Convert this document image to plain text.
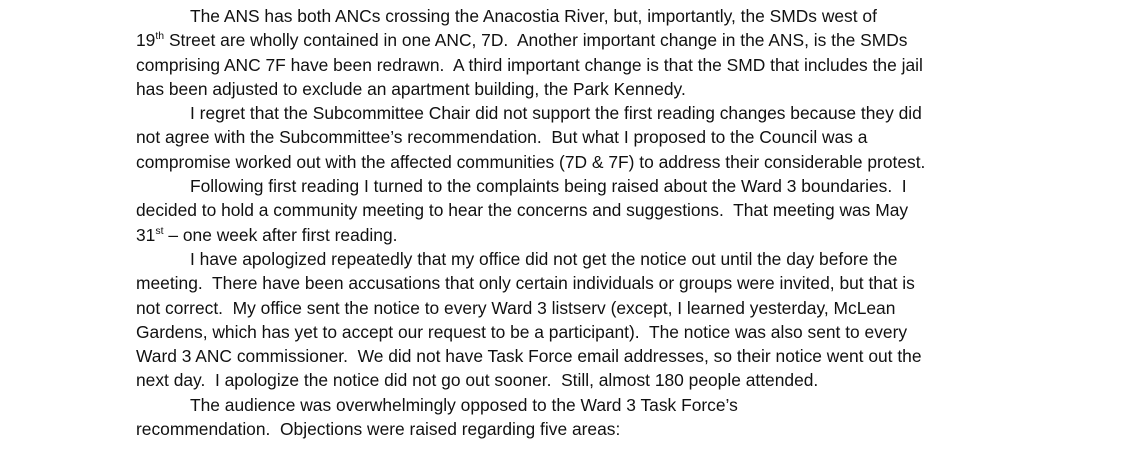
The ANS has both ANCs crossing the Anacostia River, but, importantly, the SMDs west of
19th Street are wholly contained in one ANC, 7D.  Another important change in the ANS, is the SMDs
comprising ANC 7F have been redrawn.  A third important change is that the SMD that includes the jail
has been adjusted to exclude an apartment building, the Park Kennedy.
I regret that the Subcommittee Chair did not support the first reading changes because they did
not agree with the Subcommittee’s recommendation.  But what I proposed to the Council was a
compromise worked out with the affected communities (7D & 7F) to address their considerable protest.
Following first reading I turned to the complaints being raised about the Ward 3 boundaries.  I
decided to hold a community meeting to hear the concerns and suggestions.  That meeting was May
31st – one week after first reading.
I have apologized repeatedly that my office did not get the notice out until the day before the
meeting.  There have been accusations that only certain individuals or groups were invited, but that is
not correct.  My office sent the notice to every Ward 3 listserv (except, I learned yesterday, McLean
Gardens, which has yet to accept our request to be a participant).  The notice was also sent to every
Ward 3 ANC commissioner.  We did not have Task Force email addresses, so their notice went out the
next day.  I apologize the notice did not go out sooner.  Still, almost 180 people attended.
The audience was overwhelmingly opposed to the Ward 3 Task Force’s
recommendation.  Objections were raised regarding five areas:
